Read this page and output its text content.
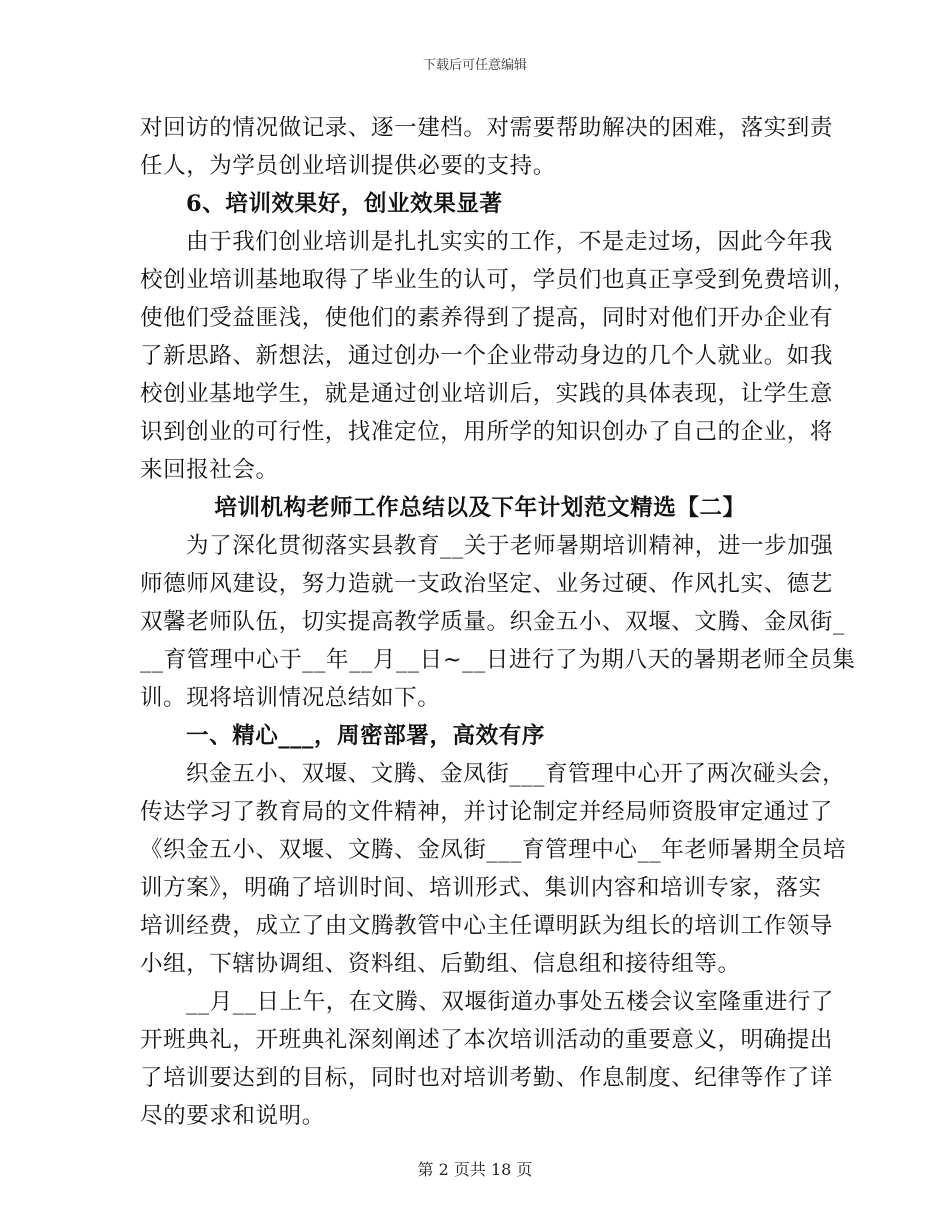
下载后可任意编辑
对回访的情况做记录、逐一建档。对需要帮助解决的困难，落实到责
任人，为学员创业培训提供必要的支持。
6、培训效果好，创业效果显著
由于我们创业培训是扎扎实实的工作，不是走过场，因此今年我
校创业培训基地取得了毕业生的认可，学员们也真正享受到免费培训，
使他们受益匪浅，使他们的素养得到了提高，同时对他们开办企业有
了新思路、新想法，通过创办一个企业带动身边的几个人就业。如我
校创业基地学生，就是通过创业培训后，实践的具体表现，让学生意
识到创业的可行性，找准定位，用所学的知识创办了自己的企业，将
来回报社会。
培训机构老师工作总结以及下年计划范文精选【二】
为了深化贯彻落实县教育__关于老师暑期培训精神，进一步加强
师德师风建设，努力造就一支政治坚定、业务过硬、作风扎实、德艺
双馨老师队伍，切实提高教学质量。织金五小、双堰、文腾、金凤街_
__育管理中心于__年__月__日~__日进行了为期八天的暑期老师全员集
训。现将培训情况总结如下。
一、精心___，周密部署，高效有序
织金五小、双堰、文腾、金凤街___育管理中心开了两次碰头会，
传达学习了教育局的文件精神，并讨论制定并经局师资股审定通过了
《织金五小、双堰、文腾、金凤街___育管理中心__年老师暑期全员培
训方案》，明确了培训时间、培训形式、集训内容和培训专家，落实
培训经费，成立了由文腾教管中心主任谭明跃为组长的培训工作领导
小组，下辖协调组、资料组、后勤组、信息组和接待组等。
__月__日上午，在文腾、双堰街道办事处五楼会议室隆重进行了
开班典礼，开班典礼深刻阐述了本次培训活动的重要意义，明确提出
了培训要达到的目标，同时也对培训考勤、作息制度、纪律等作了详
尽的要求和说明。
第 2 页共 18 页
